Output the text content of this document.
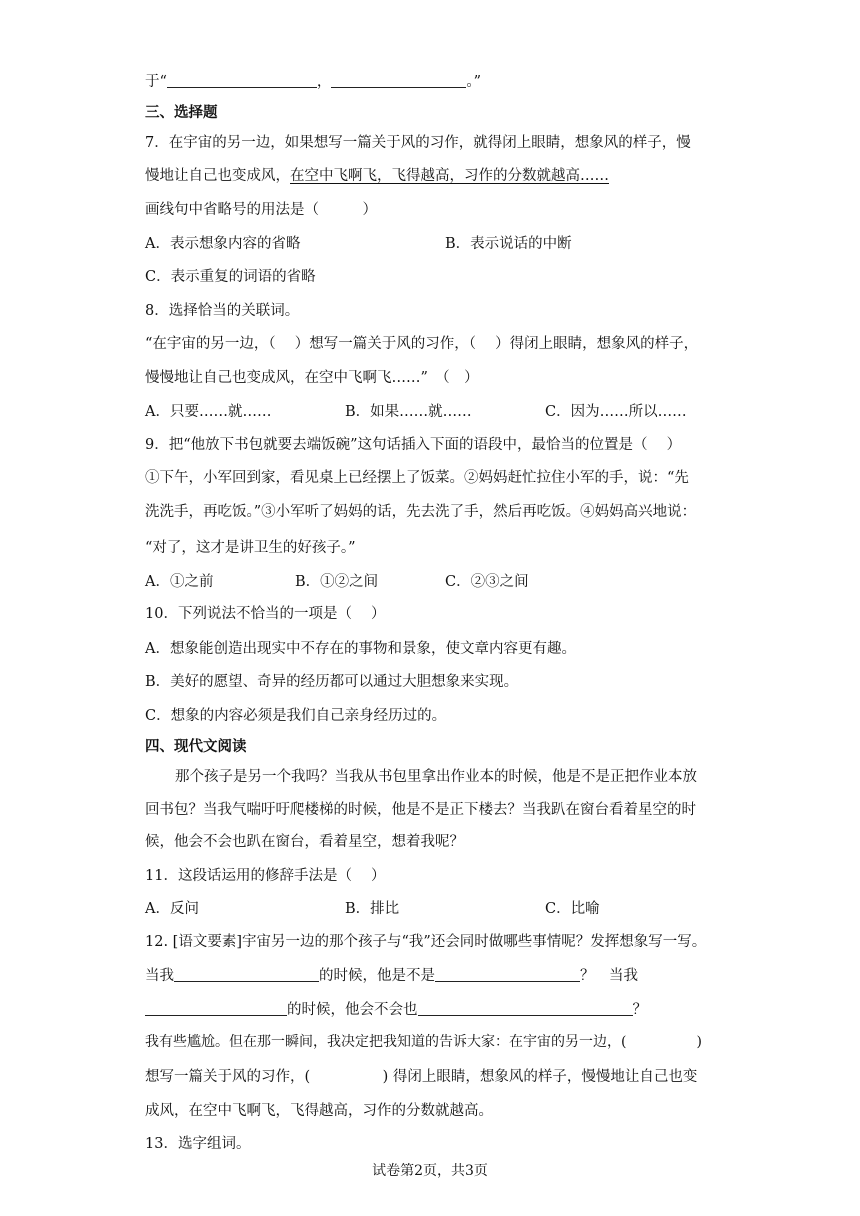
于“	，	。”
三、选择题
7．在宇宙的另一边，如果想写一篇关于风的习作，就得闭上眼睛，想象风的样子，慢
慢地让自己也变成风，在空中飞啊飞，飞得越高，习作的分数就越高……
画线句中省略号的用法是（　　　）
A．表示想象内容的省略	B．表示说话的中断
C．表示重复的词语的省略
8．选择恰当的关联词。
“在宇宙的另一边，（　 ）想写一篇关于风的习作，（　 ）得闭上眼睛，想象风的样子，
慢慢地让自己也变成风，在空中飞啊飞……”　（　）
A．只要……就……	B．如果……就……	C．因为……所以……
9．把“他放下书包就要去端饭碗”这句话插入下面的语段中，最恰当的位置是（　 ）
①下午，小军回到家，看见桌上已经摆上了饭菜。②妈妈赶忙拉住小军的手，说：“先
洗洗手，再吃饭。”③小军听了妈妈的话，先去洗了手，然后再吃饭。④妈妈高兴地说：
“对了，这才是讲卫生的好孩子。”
A．①之前	B．①②之间	C．②③之间
10．下列说法不恰当的一项是（　 ）
A．想象能创造出现实中不存在的事物和景象，使文章内容更有趣。
B．美好的愿望、奇异的经历都可以通过大胆想象来实现。
C．想象的内容必须是我们自己亲身经历过的。
四、现代文阅读
那个孩子是另一个我吗？当我从书包里拿出作业本的时候，他是不是正把作业本放
回书包？当我气喘吁吁爬楼梯的时候，他是不是正下楼去？当我趴在窗台看着星空的时
候，他会不会也趴在窗台，看着星空，想着我呢？
11．这段话运用的修辞手法是（　 ）
A．反问	B．排比	C．比喻
12. [语文要素]宇宙另一边的那个孩子与“我”还会同时做哪些事情呢？发挥想象写一写。
当我	的时候，他是不是	？　当我
的时候，他会不会也	？
我有些尴尬。但在那一瞬间，我决定把我知道的告诉大家：在宇宙的另一边，(　　　　　)
想写一篇关于风的习作，(　　　　　) 得闭上眼睛，想象风的样子，慢慢地让自己也变
成风，在空中飞啊飞，飞得越高，习作的分数就越高。
13．选字组词。
试卷第2页，共3页
